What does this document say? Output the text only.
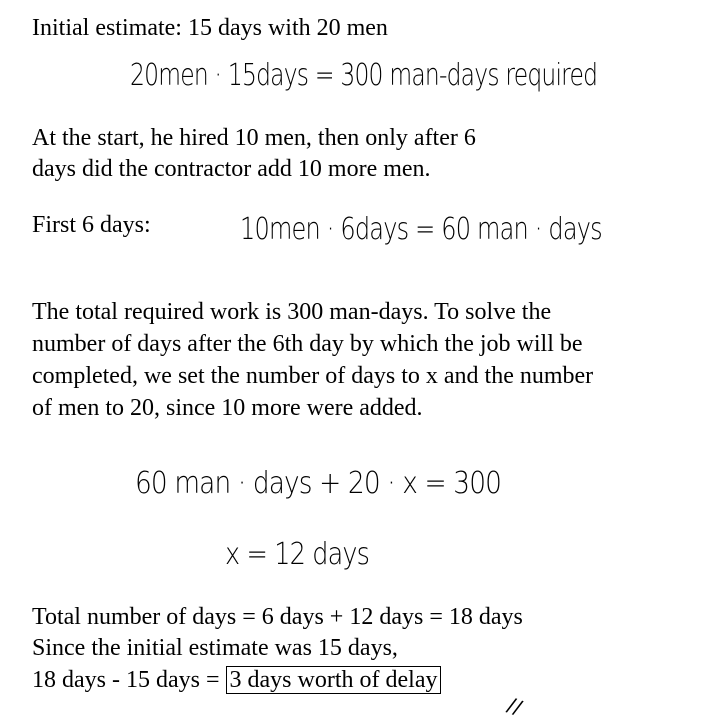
Initial estimate: 15 days with 20 men
20men · 15days = 300 man-days required
At the start, he hired 10 men, then only after 6
days did the contractor add 10 more men.
First 6 days:	10men · 6days = 60 man · days
The total required work is 300 man-days. To solve the
number of days after the 6th day by which the job will be
completed, we set the number of days to x and the number
of men to 20, since 10 more were added.
60 man · days + 20 · x = 300
x = 12 days
Total number of days = 6 days + 12 days = 18 days
Since the initial estimate was 15 days,
18 days - 15 days = 3 days worth of delay
//
